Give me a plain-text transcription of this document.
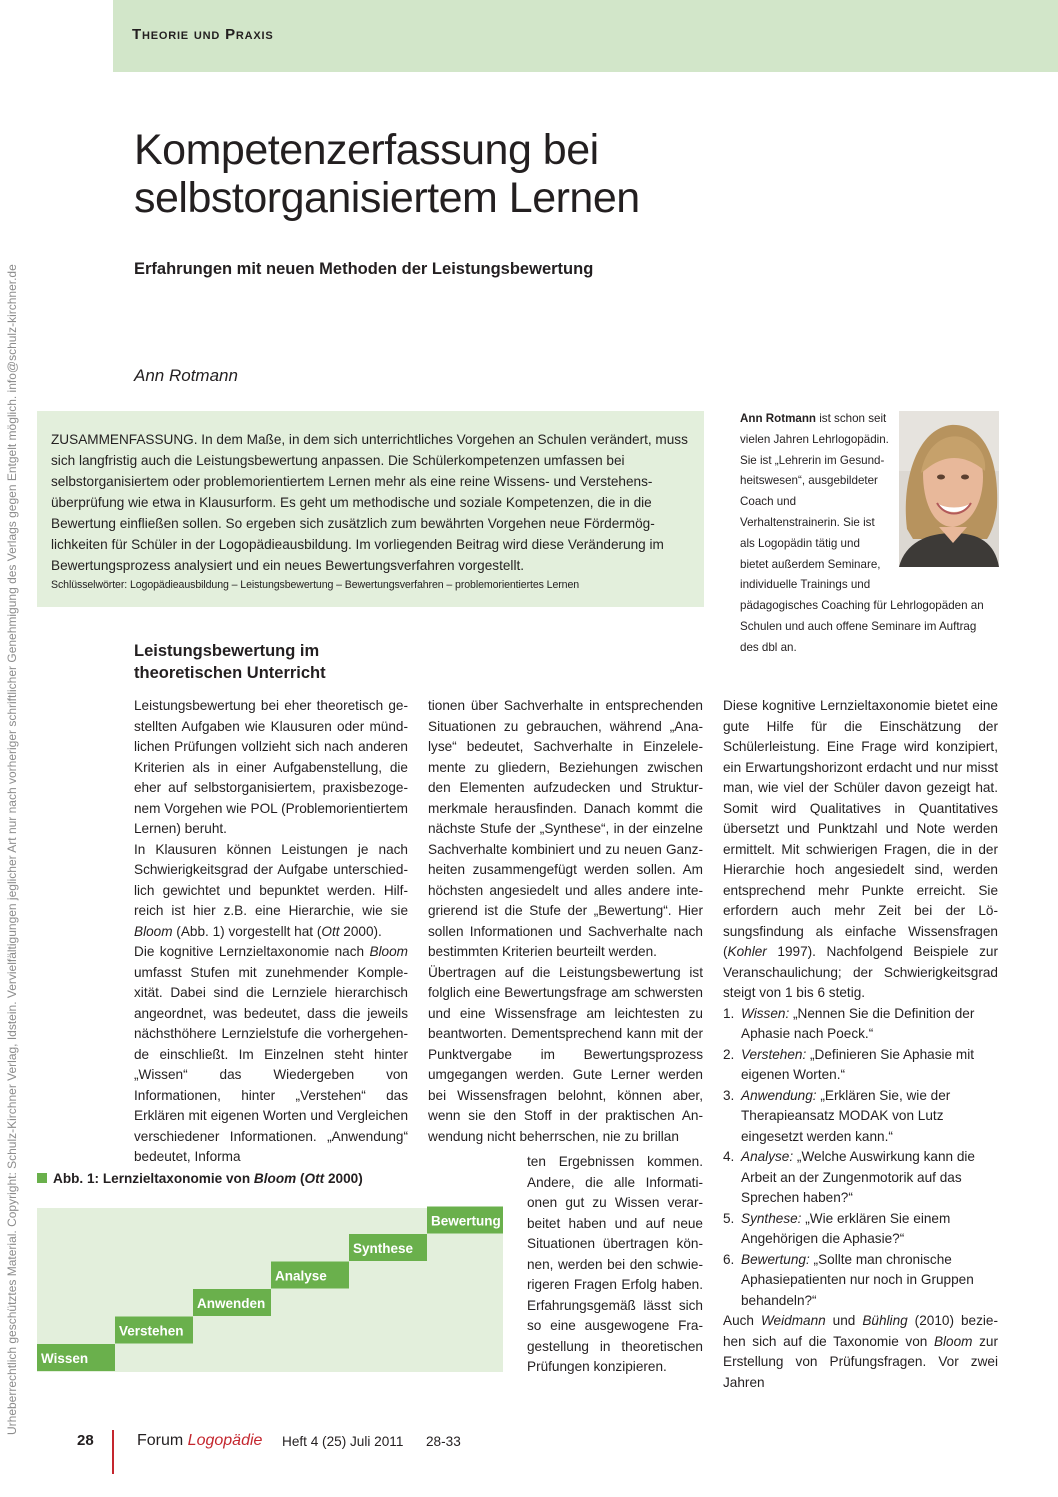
Theorie und Praxis
Urheberrechtlich geschütztes Material. Copyright: Schulz-Kirchner Verlag, Idstein. Vervielfältigungen jeglicher Art nur nach vorheriger schriftlicher Genehmigung des Verlags gegen Entgelt möglich. info@schulz-kirchner.de
Kompetenzerfassung bei
selbstorganisiertem Lernen
Erfahrungen mit neuen Methoden der Leistungsbewertung
Ann Rotmann
ZUSAMMENFASSUNG. In dem Maße, in dem sich unterrichtliches Vorgehen an Schulen verändert, muss sich langfristig auch die Leistungsbewertung anpassen. Die Schülerkompetenzen umfassen bei selbstorganisiertem oder problemorientiertem Lernen mehr als eine reine Wissens- und Verstehensüberprüfung wie etwa in Klausurform. Es geht um methodische und soziale Kompetenzen, die in die Bewertung einfließen sollen. So ergeben sich zusätzlich zum bewährten Vorgehen neue Fördermöglichkeiten für Schüler in der Logopädieausbildung. Im vorliegenden Beitrag wird diese Veränderung im Bewertungsprozess analysiert und ein neues Bewertungsverfahren vorgestellt.
Schlüsselwörter: Logopädieausbildung – Leistungsbewertung – Bewertungsverfahren – problemorientiertes Lernen
Ann Rotmann ist schon seit vielen Jahren Lehrlogopädin. Sie ist „Lehrerin im Gesundheitswesen“, ausgebildeter Coach und Verhaltenstrainerin. Sie ist als Logopädin tätig und bietet außerdem Seminare, individuelle Trainings und
pädagogisches Coaching für Lehrlogopäden an Schulen und auch offene Seminare im Auftrag des dbl an.
Leistungsbewertung im theoretischen Unterricht

Leistungsbewertung bei eher theoretisch gestellten Aufgaben wie Klausuren oder mündlichen Prüfungen vollzieht sich nach anderen Kriterien als in einer Aufgabenstellung, die eher auf selbstorganisiertem, praxisbezogenem Vorgehen wie POL (Problemorientiertem Lernen) beruht.

In Klausuren können Leistungen je nach Schwierigkeitsgrad der Aufgabe unterschiedlich gewichtet und bepunktet werden. Hilfreich ist hier z.B. eine Hierarchie, wie sie Bloom (Abb. 1) vorgestellt hat (Ott 2000).

Die kognitive Lernzieltaxonomie nach Bloom umfasst Stufen mit zunehmender Komplexität. Dabei sind die Lernziele hierarchisch angeordnet, was bedeutet, dass die jeweils nächsthöhere Lernzielstufe die vorhergehende einschließt. Im Einzelnen steht hinter „Wissen“ das Wiedergeben von Informationen, hinter „Verstehen“ das Erklären mit eigenen Worten und Vergleichen verschiedener Informationen. „Anwendung“ bedeutet, Informa

tionen über Sachverhalte in entsprechenden Situationen zu gebrauchen, während „Analyse“ bedeutet, Sachverhalte in Einzelelemente zu gliedern, Beziehungen zwischen den Elementen aufzudecken und Strukturmerkmale herausfinden. Danach kommt die nächste Stufe der „Synthese“, in der einzelne Sachverhalte kombiniert und zu neuen Ganzheiten zusammengefügt werden sollen. Am höchsten angesiedelt und alles andere integrierend ist die Stufe der „Bewertung“. Hier sollen Informationen und Sachverhalte nach bestimmten Kriterien beurteilt werden.

Übertragen auf die Leistungsbewertung ist folglich eine Bewertungsfrage am schwersten und eine Wissensfrage am leichtesten zu beantworten. Dementsprechend kann mit der Punktvergabe im Bewertungsprozess umgegangen werden. Gute Lerner werden bei Wissensfragen belohnt, können aber, wenn sie den Stoff in der praktischen Anwendung nicht beherrschen, nie zu brillan

ten Ergebnissen kommen. Andere, die alle Informationen gut zu Wissen verarbeitet haben und auf neue Situationen übertragen können, werden bei den schwierigeren Fragen Erfolg haben. Erfahrungsgemäß lässt sich so eine ausgewogene Fragestellung in theoretischen Prüfungen konzipieren.

Diese kognitive Lernzieltaxonomie bietet eine gute Hilfe für die Einschätzung der Schülerleistung. Eine Frage wird konzipiert, ein Erwartungshorizont erdacht und nur misst man, wie viel der Schüler davon gezeigt hat. Somit wird Qualitatives in Quantitatives übersetzt und Punktzahl und Note werden ermittelt. Mit schwierigen Fragen, die in der Hierarchie hoch angesiedelt sind, werden entsprechend mehr Punkte erreicht. Sie erfordern auch mehr Zeit bei der Lösungsfindung als einfache Wissensfragen (Kohler 1997). Nachfolgend Beispiele zur Veranschaulichung; der Schwierigkeitsgrad steigt von 1 bis 6 stetig.

1. Wissen: „Nennen Sie die Definition der Aphasie nach Poeck.“
2. Verstehen: „Definieren Sie Aphasie mit eigenen Worten.“
3. Anwendung: „Erklären Sie, wie der Therapieansatz MODAK von Lutz eingesetzt werden kann.“
4. Analyse: „Welche Auswirkung kann die Arbeit an der Zungenmotorik auf das Sprechen haben?“
5. Synthese: „Wie erklären Sie einem Angehörigen die Aphasie?“
6. Bewertung: „Sollte man chronische Aphasiepatienten nur noch in Gruppen behandeln?“

Auch Weidmann und Bühling (2010) beziehen sich auf die Taxonomie von Bloom zur Erstellung von Prüfungsfragen. Vor zwei Jahren

Abb. 1: Lernzieltaxonomie von Bloom (Ott 2000)
Wissen
Verstehen
Anwenden
Analyse
Synthese
Bewertung
28	Forum Logopädie Heft 4 (25) Juli 2011 28-33
